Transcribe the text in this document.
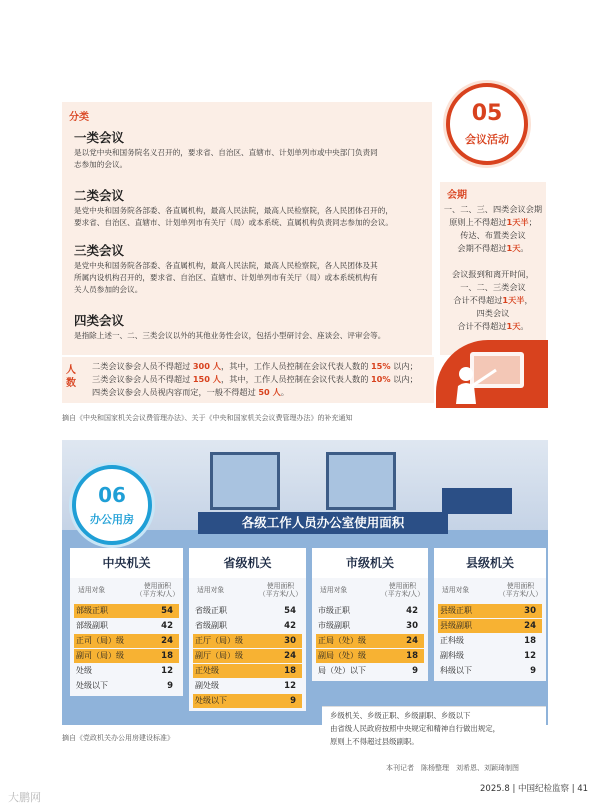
分类
一类会议
是以党中央和国务院名义召开的，要求省、自治区、直辖市、计划单列市或中央部门负责同
志参加的会议。
二类会议
是党中央和国务院各部委、各直属机构，最高人民法院，最高人民检察院，各人民团体召开的，
要求省、自治区、直辖市、计划单列市有关厅（局）或本系统、直属机构负责同志参加的会议。
三类会议
是党中央和国务院各部委、各直属机构，最高人民法院，最高人民检察院，各人民团体及其
所属内设机构召开的，要求省、自治区、直辖市、计划单列市有关厅（局）或本系统机构有
关人员参加的会议。
四类会议
是指除上述一、二、三类会议以外的其他业务性会议，包括小型研讨会、座谈会、评审会等。
05
会议活动
会期
一、二、三、四类会议会期
原则上不得超过1天半；
传达、布置类会议
会期不得超过1天。
会议报到和离开时间，
一、二、三类会议
合计不得超过1天半，
四类会议
合计不得超过1天。
人
数
二类会议参会人员不得超过 300 人，其中，工作人员控制在会议代表人数的 15% 以内；
三类会议参会人员不得超过 150 人，其中，工作人员控制在会议代表人数的 10% 以内；
四类会议参会人员视内容而定，一般不得超过 50 人。
摘自《中央和国家机关会议费管理办法》、关于《中央和国家机关会议费管理办法》的补充通知
06
办公用房	各级工作人员办公室使用面积
中央机关
适用对象	使用面积
（平方米/人）
部级正职	54
部级副职	42
正司（局）级	24
副司（局）级	18
处级	12
处级以下	9
省级机关
适用对象	使用面积
（平方米/人）
省级正职	54
省级副职	42
正厅（局）级	30
副厅（局）级	24
正处级	18
副处级	12
处级以下	9
市级机关
适用对象	使用面积
（平方米/人）
市级正职	42
市级副职	30
正局（处）级	24
副局（处）级	18
局（处）以下	9
县级机关
适用对象	使用面积
（平方米/人）
县级正职	30
县级副职	24
正科级	18
副科级	12
科级以下	9
乡级机关、乡级正职、乡级副职、乡级以下
由省级人民政府按照中央规定和精神自行做出规定，
原则上不得超过县级副职。
摘自《党政机关办公用房建设标准》
本刊记者　陈杨整理　刘希恩、刘颖琦制图
2025.8 | 中国纪检监察 | 41
大鹏网
